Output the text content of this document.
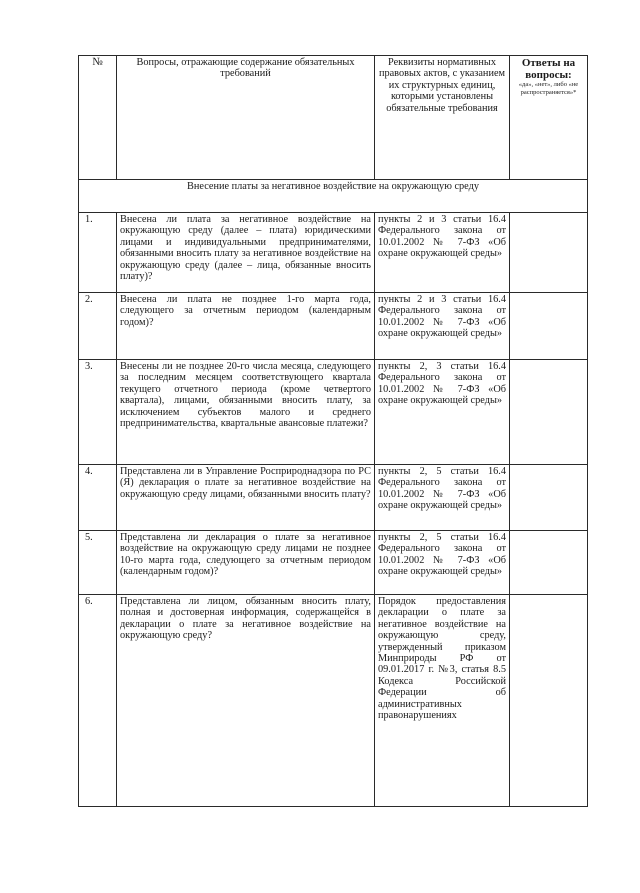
№	Вопросы, отражающие содержание обязательных требований	Реквизиты нормативных правовых актов, с указанием их структурных единиц, которыми установлены обязательные требования	Ответы на вопросы:
«да», «нет», либо «не распространяется»*

Внесение платы за негативное воздействие на окружающую среду			
1.	Внесена ли плата за негативное воздействие на окружающую среду (далее – плата) юридическими лицами и индивидуальными предпринимателями, обязанными вносить плату за негативное воздействие на окружающую среду (далее – лица, обязанные вносить плату)?	пункты 2 и 3 статьи 16.4 Федерального закона от 10.01.2002 № 7-ФЗ «Об охране окружающей среды»	
2.	Внесена ли плата не позднее 1-го марта года, следующего за отчетным периодом (календарным годом)?	пункты 2 и 3 статьи 16.4 Федерального закона от 10.01.2002 № 7-ФЗ «Об охране окружающей среды»	
3.	Внесены ли не позднее 20-го числа месяца, следующего за последним месяцем соответствующего квартала текущего отчетного периода (кроме четвертого квартала), лицами, обязанными вносить плату, за исключением субъектов малого и среднего предпринимательства, квартальные авансовые платежи?	пункты 2, 3 статьи 16.4 Федерального закона от 10.01.2002 № 7-ФЗ «Об охране окружающей среды»	
4.	Представлена ли в Управление Росприроднадзора по РС (Я) декларация о плате за негативное воздействие на окружающую среду лицами, обязанными вносить плату?	пункты 2, 5 статьи 16.4 Федерального закона от 10.01.2002 № 7-ФЗ «Об охране окружающей среды»	
5.	Представлена ли декларация о плате за негативное воздействие на окружающую среду лицами не позднее 10-го марта года, следующего за отчетным периодом (календарным годом)?	пункты 2, 5 статьи 16.4 Федерального закона от 10.01.2002 № 7-ФЗ «Об охране окружающей среды»	
6.	Представлена ли лицом, обязанным вносить плату, полная и достоверная информация, содержащейся в декларации о плате за негативное воздействие на окружающую среду?	Порядок предоставления декларации о плате за негативное воздействие на окружающую среду, утвержденный приказом Минприроды РФ от 09.01.2017 г. №3, статья 8.5 Кодекса Российской Федерации об административных правонарушениях	
